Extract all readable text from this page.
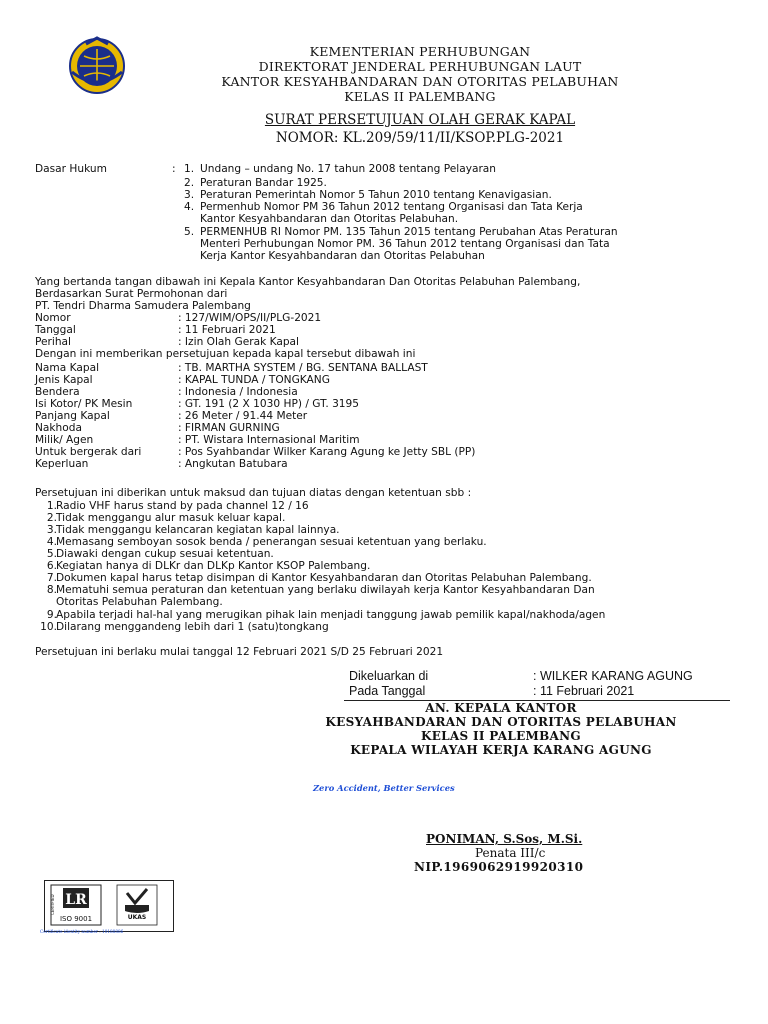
KEMENTERIAN PERHUBUNGAN
DIREKTORAT JENDERAL PERHUBUNGAN LAUT
KANTOR KESYAHBANDARAN DAN OTORITAS PELABUHAN
KELAS II PALEMBANG
SURAT PERSETUJUAN OLAH GERAK KAPAL
NOMOR: KL.209/59/11/II/KSOP.PLG-2021
Dasar Hukum	: 1. Undang – undang No. 17 tahun 2008 tentang Pelayaran
2. Peraturan Bandar 1925.
3. Peraturan Pemerintah Nomor 5 Tahun 2010 tentang Kenavigasian.
4. Permenhub Nomor PM 36 Tahun 2012 tentang Organisasi dan Tata Kerja
Kantor Kesyahbandaran dan Otoritas Pelabuhan.
5. PERMENHUB RI Nomor PM. 135 Tahun 2015 tentang Perubahan Atas Peraturan
Menteri Perhubungan Nomor PM. 36 Tahun 2012 tentang Organisasi dan Tata
Kerja Kantor Kesyahbandaran dan Otoritas Pelabuhan
Yang bertanda tangan dibawah ini Kepala Kantor Kesyahbandaran Dan Otoritas Pelabuhan Palembang,
Berdasarkan Surat Permohonan dari
PT. Tendri Dharma Samudera Palembang
Nomor	: 127/WIM/OPS/II/PLG-2021
Tanggal	: 11 Februari 2021
Perihal	: Izin Olah Gerak Kapal
Dengan ini memberikan persetujuan kepada kapal tersebut dibawah ini
Nama Kapal	: TB. MARTHA SYSTEM / BG. SENTANA BALLAST
Jenis Kapal	: KAPAL TUNDA / TONGKANG
Bendera	: Indonesia / Indonesia
Isi Kotor/ PK Mesin	: GT. 191 (2 X 1030 HP) / GT. 3195
Panjang Kapal	: 26 Meter / 91.44 Meter
Nakhoda	: FIRMAN GURNING
Milik/ Agen	: PT. Wistara Internasional Maritim
Untuk bergerak dari	: Pos Syahbandar Wilker Karang Agung ke Jetty SBL (PP)
Keperluan	: Angkutan Batubara
Persetujuan ini diberikan untuk maksud dan tujuan diatas dengan ketentuan sbb :
1. Radio VHF harus stand by pada channel 12 / 16
2. Tidak menggangu alur masuk keluar kapal.
3. Tidak menggangu kelancaran kegiatan kapal lainnya.
4. Memasang semboyan sosok benda / penerangan sesuai ketentuan yang berlaku.
5. Diawaki dengan cukup sesuai ketentuan.
6. Kegiatan hanya di DLKr dan DLKp Kantor KSOP Palembang.
7. Dokumen kapal harus tetap disimpan di Kantor Kesyahbandaran dan Otoritas Pelabuhan Palembang.
8. Mematuhi semua peraturan dan ketentuan yang berlaku diwilayah kerja Kantor Kesyahbandaran Dan
Otoritas Pelabuhan Palembang.
9. Apabila terjadi hal-hal yang merugikan pihak lain menjadi tanggung jawab pemilik kapal/nakhoda/agen
10. Dilarang menggandeng lebih dari 1 (satu)tongkang
Persetujuan ini berlaku mulai tanggal 12 Februari 2021 S/D 25 Februari 2021
Dikeluarkan di	: WILKER KARANG AGUNG
Pada Tanggal	: 11 Februari 2021
AN. KEPALA KANTOR
KESYAHBANDARAN DAN OTORITAS PELABUHAN
KELAS II PALEMBANG
KEPALA WILAYAH KERJA KARANG AGUNG
Zero Accident, Better Services
PONIMAN, S.Sos, M.Si.
Penata III/c
NIP.196906291992031​0
LR
ISO 9001
CERTIFIED
UKAS
Certificate identity number : 10188886
